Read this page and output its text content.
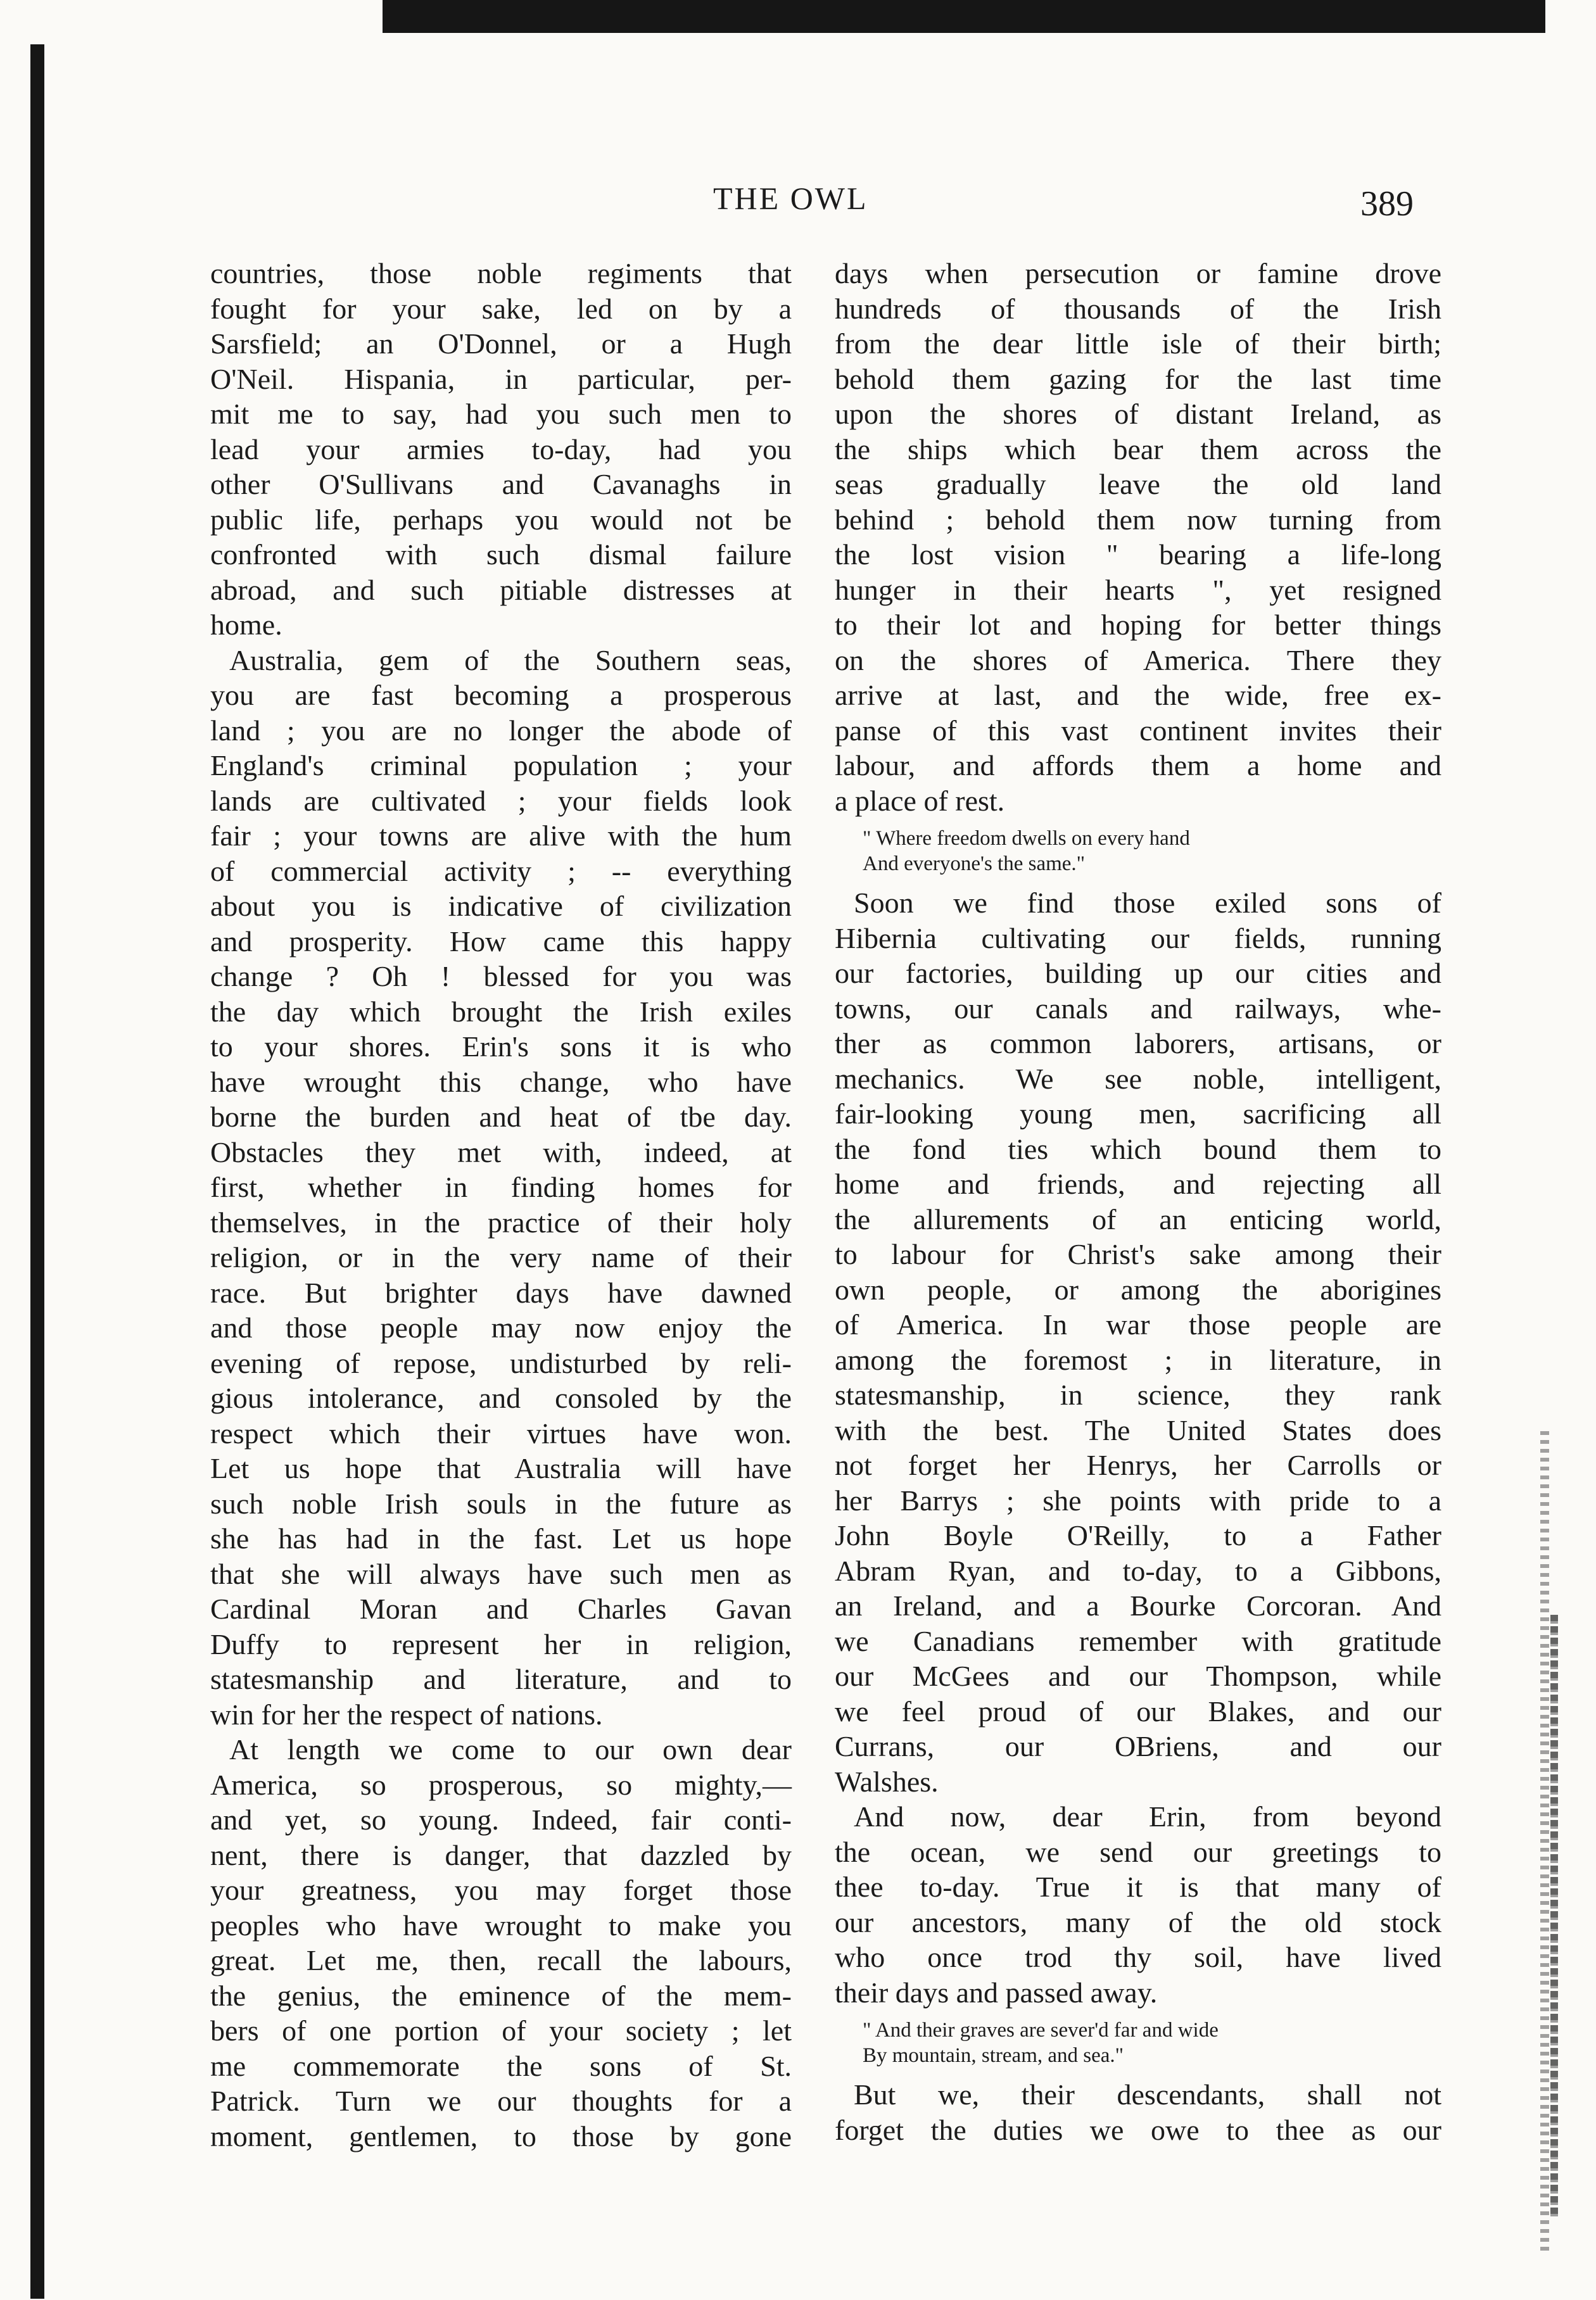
THE OWL	389
countries, those noble regiments that
fought for your sake, led on by a
Sarsfield; an O'Donnel, or a Hugh
O'Neil. Hispania, in particular, per-
mit me to say, had you such men to
lead your armies to-day, had you
other O'Sullivans and Cavanaghs in
public life, perhaps you would not be
confronted with such dismal failure
abroad, and such pitiable distresses at
home.
Australia, gem of the Southern seas,
you are fast becoming a prosperous
land ; you are no longer the abode of
England's criminal population ; your
lands are cultivated ; your fields look
fair ; your towns are alive with the hum
of commercial activity ; -- everything
about you is indicative of civilization
and prosperity. How came this happy
change ? Oh ! blessed for you was
the day which brought the Irish exiles
to your shores. Erin's sons it is who
have wrought this change, who have
borne the burden and heat of tbe day.
Obstacles they met with, indeed, at
first, whether in finding homes for
themselves, in the practice of their holy
religion, or in the very name of their
race. But brighter days have dawned
and those people may now enjoy the
evening of repose, undisturbed by reli-
gious intolerance, and consoled by the
respect which their virtues have won.
Let us hope that Australia will have
such noble Irish souls in the future as
she has had in the fast. Let us hope
that she will always have such men as
Cardinal Moran and Charles Gavan
Duffy to represent her in religion,
statesmanship and literature, and to
win for her the respect of nations.
At length we come to our own dear
America, so prosperous, so mighty,—
and yet, so young. Indeed, fair conti-
nent, there is danger, that dazzled by
your greatness, you may forget those
peoples who have wrought to make you
great. Let me, then, recall the labours,
the genius, the eminence of the mem-
bers of one portion of your society ; let
me commemorate the sons of St.
Patrick. Turn we our thoughts for a
moment, gentlemen, to those by gone
days when persecution or famine drove
hundreds of thousands of the Irish
from the dear little isle of their birth;
behold them gazing for the last time
upon the shores of distant Ireland, as
the ships which bear them across the
seas gradually leave the old land
behind ; behold them now turning from
the lost vision " bearing a life-long
hunger in their hearts ", yet resigned
to their lot and hoping for better things
on the shores of America. There they
arrive at last, and the wide, free ex-
panse of this vast continent invites their
labour, and affords them a home and
a place of rest.
" Where freedom dwells on every hand
And everyone's the same."
Soon we find those exiled sons of
Hibernia cultivating our fields, running
our factories, building up our cities and
towns, our canals and railways, whe-
ther as common laborers, artisans, or
mechanics. We see noble, intelligent,
fair-looking young men, sacrificing all
the fond ties which bound them to
home and friends, and rejecting all
the allurements of an enticing world,
to labour for Christ's sake among their
own people, or among the aborigines
of America. In war those people are
among the foremost ; in literature, in
statesmanship, in science, they rank
with the best. The United States does
not forget her Henrys, her Carrolls or
her Barrys ; she points with pride to a
John Boyle O'Reilly, to a Father
Abram Ryan, and to-day, to a Gibbons,
an Ireland, and a Bourke Corcoran. And
we Canadians remember with gratitude
our McGees and our Thompson, while
we feel proud of our Blakes, and our
Currans, our OBriens, and our
Walshes.
And now, dear Erin, from beyond
the ocean, we send our greetings to
thee to-day. True it is that many of
our ancestors, many of the old stock
who once trod thy soil, have lived
their days and passed away.
" And their graves are sever'd far and wide
By mountain, stream, and sea."
But we, their descendants, shall not
forget the duties we owe to thee as our
